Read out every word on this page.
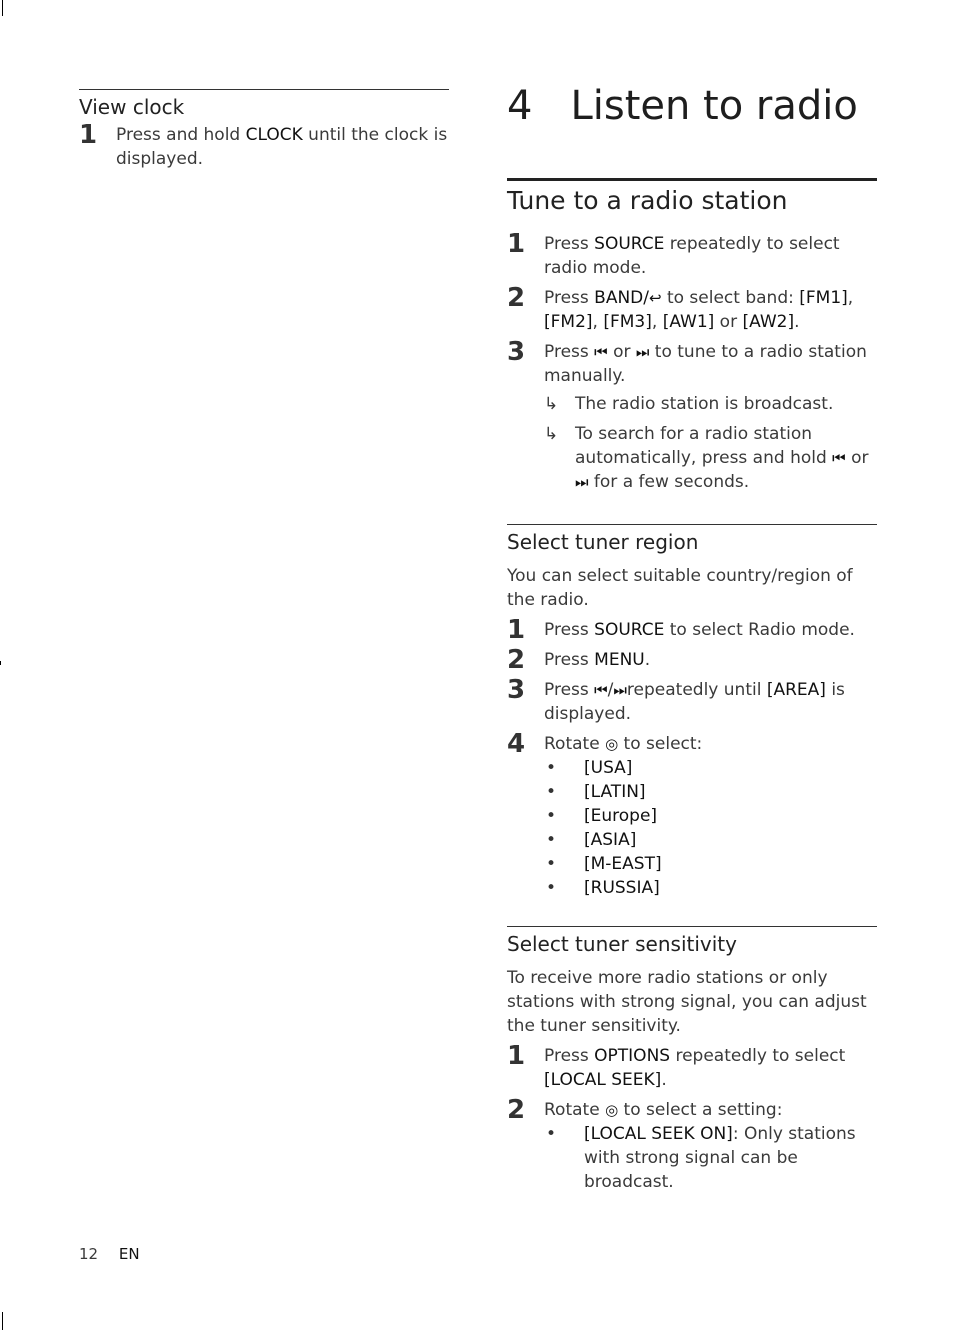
View clock
1	Press and hold CLOCK until the clock is displayed.
4 Listen to radio
Tune to a radio station
1	Press SOURCE repeatedly to select radio mode.
2	Press BAND/↩ to select band: [FM1], [FM2], [FM3], [AW1] or [AW2].
3	Press ⏮ or ⏭ to tune to a radio station manually.
↳ The radio station is broadcast.
↳ To search for a radio station automatically, press and hold ⏮ or ⏭ for a few seconds.
Select tuner region
You can select suitable country/region of the radio.
1	Press SOURCE to select Radio mode.
2	Press MENU.
3	Press ⏮/⏭repeatedly until [AREA] is displayed.
4	Rotate ◎ to select:
•	[USA]
•	[LATIN]
•	[Europe]
•	[ASIA]
•	[M-EAST]
•	[RUSSIA]
Select tuner sensitivity
To receive more radio stations or only stations with strong signal, you can adjust the tuner sensitivity.
1	Press OPTIONS repeatedly to select [LOCAL SEEK].
2	Rotate ◎ to select a setting:
•	[LOCAL SEEK ON]: Only stations with strong signal can be broadcast.
12 EN
